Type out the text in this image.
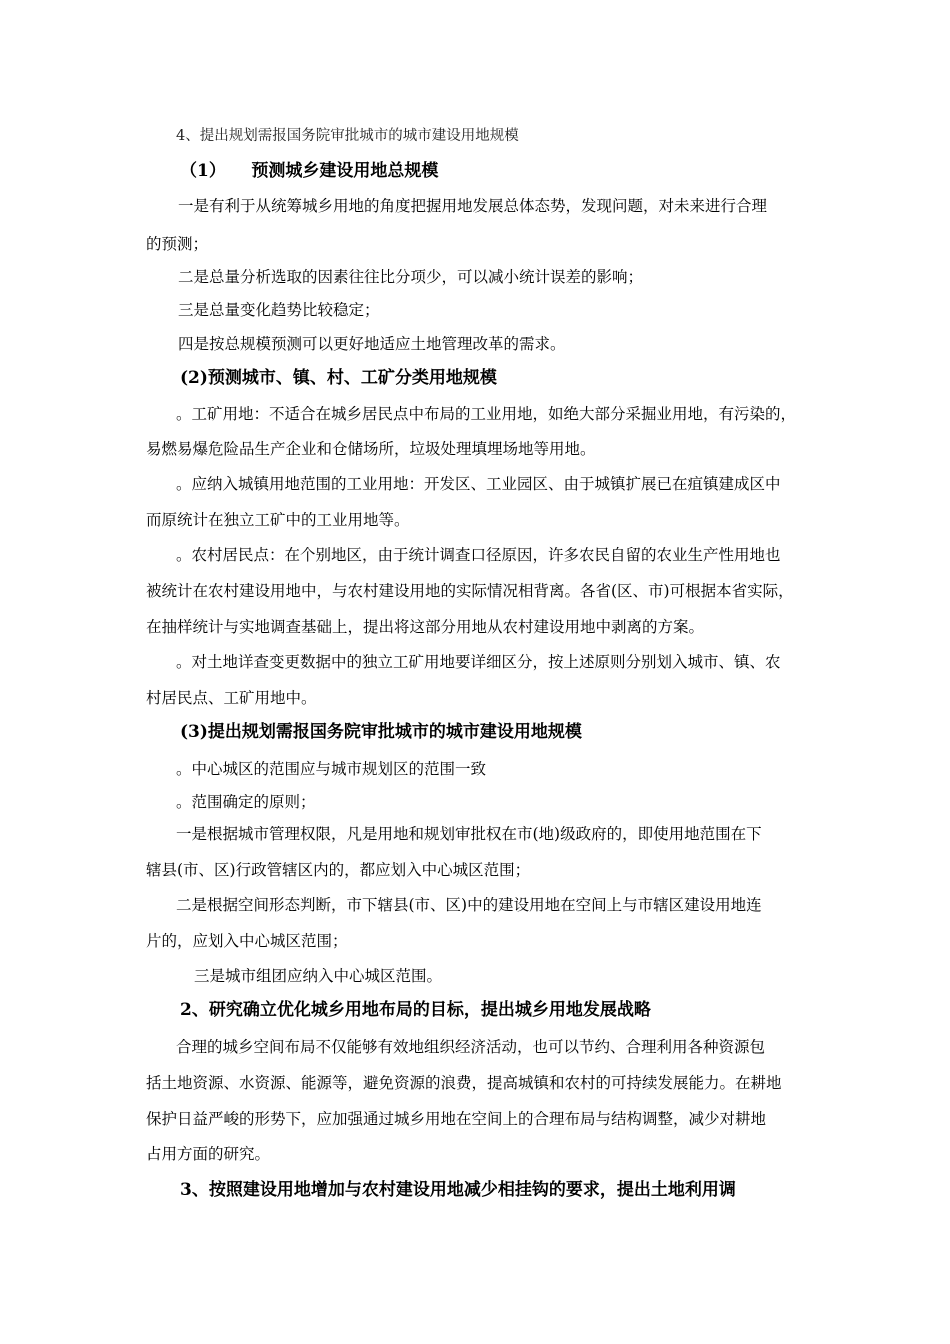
4、提出规划需报国务院审批城市的城市建设用地规模
（1）　　预测城乡建设用地总规模
一是有利于从统筹城乡用地的角度把握用地发展总体态势，发现问题，对未来进行合理
的预测；
二是总量分析选取的因素往往比分项少，可以减小统计误差的影响；
三是总量变化趋势比较稳定；
四是按总规模预测可以更好地适应土地管理改革的需求。
(2)预测城市、镇、村、工矿分类用地规模
。工矿用地：不适合在城乡居民点中布局的工业用地，如绝大部分采掘业用地，有污染的，
易燃易爆危险品生产企业和仓储场所，垃圾处理填埋场地等用地。
。应纳入城镇用地范围的工业用地：开发区、工业园区、由于城镇扩展已在疽镇建成区中
而原统计在独立工矿中的工业用地等。
。农村居民点：在个别地区，由于统计调查口径原因，许多农民自留的农业生产性用地也
被统计在农村建设用地中，与农村建设用地的实际情况相背离。各省(区、市)可根据本省实际，
在抽样统计与实地调查基础上，提出将这部分用地从农村建设用地中剥离的方案。
。对土地详查变更数据中的独立工矿用地要详细区分，按上述原则分别划入城市、镇、农
村居民点、工矿用地中。
(3)提出规划需报国务院审批城市的城市建设用地规模
。中心城区的范围应与城市规划区的范围一致
。范围确定的原则；
一是根据城市管理权限，凡是用地和规划审批权在市(地)级政府的，即使用地范围在下
辖县(市、区)行政管辖区内的，都应划入中心城区范围；
二是根据空间形态判断，市下辖县(市、区)中的建设用地在空间上与市辖区建设用地连
片的，应划入中心城区范围；
三是城市组团应纳入中心城区范围。
2、研究确立优化城乡用地布局的目标，提出城乡用地发展战略
合理的城乡空间布局不仅能够有效地组织经济活动，也可以节约、合理利用各种资源包
括土地资源、水资源、能源等，避免资源的浪费，提高城镇和农村的可持续发展能力。在耕地
保护日益严峻的形势下，应加强通过城乡用地在空间上的合理布局与结构调整，减少对耕地
占用方面的研究。
3、按照建设用地增加与农村建设用地减少相挂钩的要求，提出土地利用调
